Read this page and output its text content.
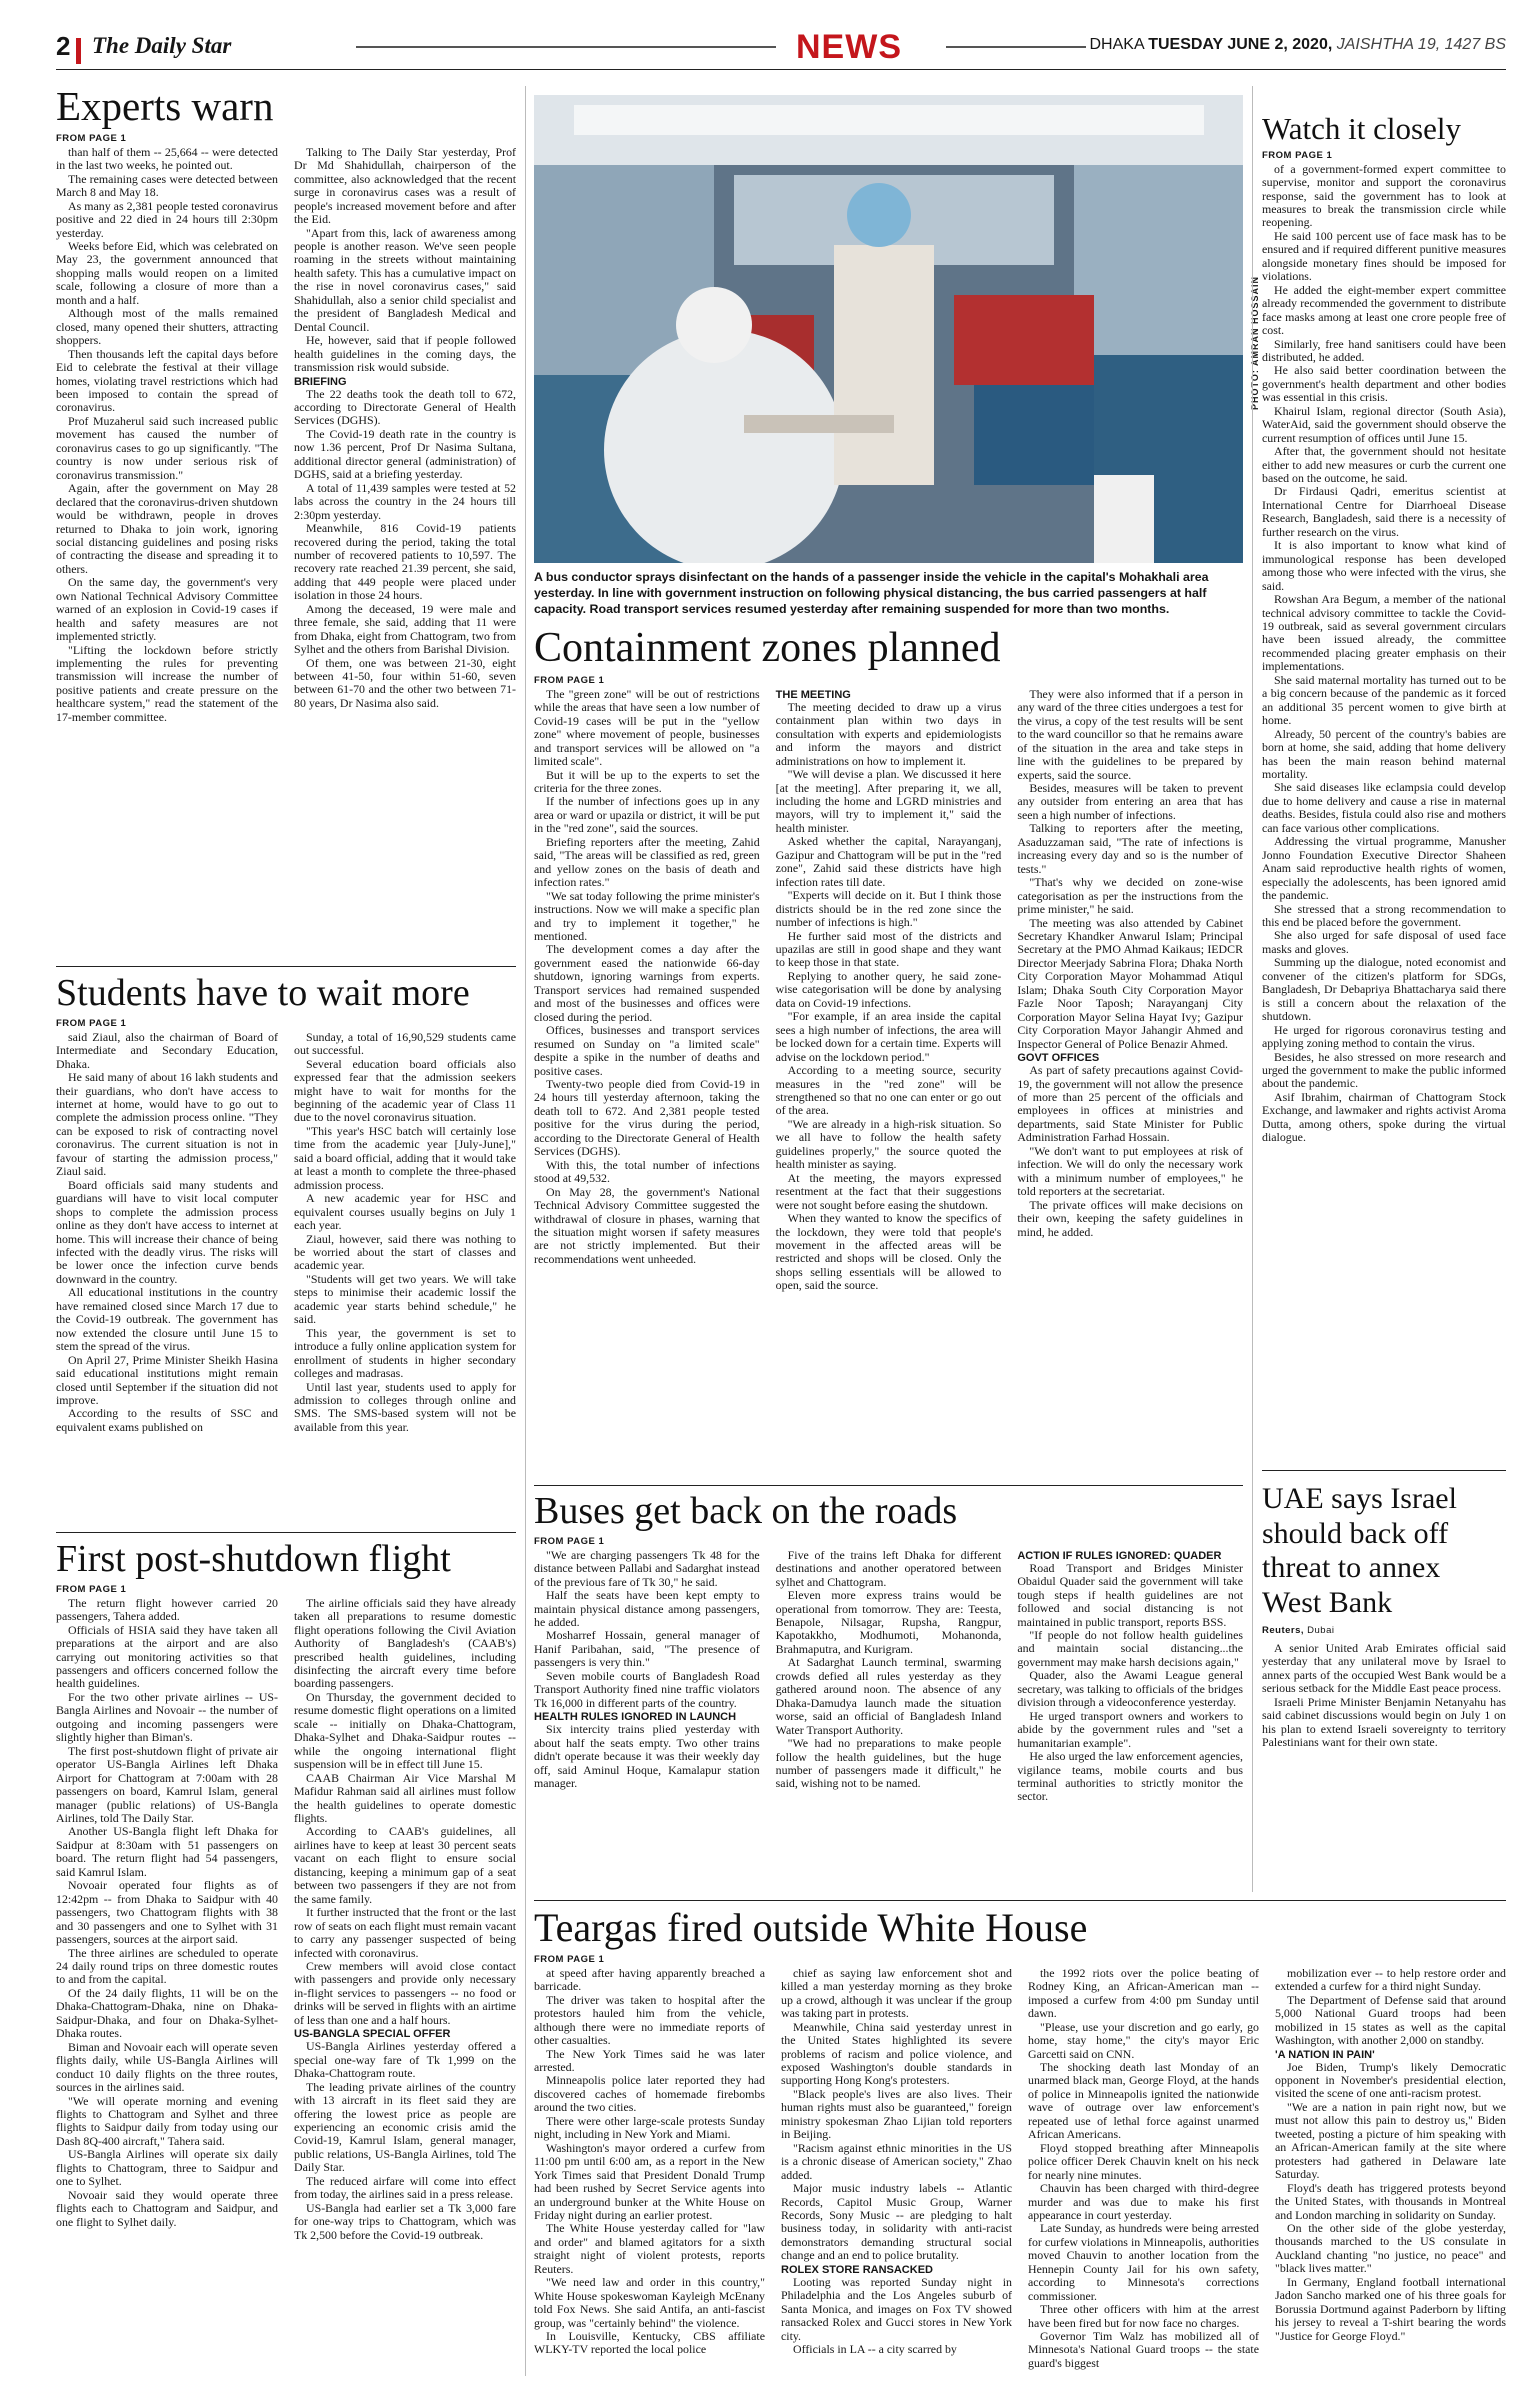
2 The Daily Star	NEWS	DHAKA TUESDAY JUNE 2, 2020, JAISHTHA 19, 1427 BS
Experts warn
FROM PAGE 1

than half of them -- 25,664 -- were detected in the last two weeks, he pointed out.

The remaining cases were detected between March 8 and May 18.

As many as 2,381 people tested coronavirus positive and 22 died in 24 hours till 2:30pm yesterday.

Weeks before Eid, which was celebrated on May 23, the government announced that shopping malls would reopen on a limited scale, following a closure of more than a month and a half.

Although most of the malls remained closed, many opened their shutters, attracting shoppers.

Then thousands left the capital days before Eid to celebrate the festival at their village homes, violating travel restrictions which had been imposed to contain the spread of coronavirus.

Prof Muzaherul said such increased public movement has caused the number of coronavirus cases to go up significantly. "The country is now under serious risk of coronavirus transmission."

Again, after the government on May 28 declared that the coronavirus-driven shutdown would be withdrawn, people in droves returned to Dhaka to join work, ignoring social distancing guidelines and posing risks of contracting the disease and spreading it to others.

On the same day, the government's very own National Technical Advisory Committee warned of an explosion in Covid-19 cases if health and safety measures are not implemented strictly.

"Lifting the lockdown before strictly implementing the rules for preventing transmission will increase the number of positive patients and create pressure on the healthcare system," read the statement of the 17-member committee.

Talking to The Daily Star yesterday, Prof Dr Md Shahidullah, chairperson of the committee, also acknowledged that the recent surge in coronavirus cases was a result of people's increased movement before and after the Eid.

"Apart from this, lack of awareness among people is another reason. We've seen people roaming in the streets without maintaining health safety. This has a cumulative impact on the rise in novel coronavirus cases," said Shahidullah, also a senior child specialist and the president of Bangladesh Medical and Dental Council.

He, however, said that if people followed health guidelines in the coming days, the transmission risk would subside.

BRIEFING

The 22 deaths took the death toll to 672, according to Directorate General of Health Services (DGHS).

The Covid-19 death rate in the country is now 1.36 percent, Prof Dr Nasima Sultana, additional director general (administration) of DGHS, said at a briefing yesterday.

A total of 11,439 samples were tested at 52 labs across the country in the 24 hours till 2:30pm yesterday.

Meanwhile, 816 Covid-19 patients recovered during the period, taking the total number of recovered patients to 10,597. The recovery rate reached 21.39 percent, she said, adding that 449 people were placed under isolation in those 24 hours.

Among the deceased, 19 were male and three female, she said, adding that 11 were from Dhaka, eight from Chattogram, two from Sylhet and the others from Barishal Division.

Of them, one was between 21-30, eight between 41-50, four within 51-60, seven between 61-70 and the other two between 71-80 years, Dr Nasima also said.

Students have to wait more
FROM PAGE 1

said Ziaul, also the chairman of Board of Intermediate and Secondary Education, Dhaka.

He said many of about 16 lakh students and their guardians, who don't have access to internet at home, would have to go out to complete the admission process online. "They can be exposed to risk of contracting novel coronavirus. The current situation is not in favour of starting the admission process," Ziaul said.

Board officials said many students and guardians will have to visit local computer shops to complete the admission process online as they don't have access to internet at home. This will increase their chance of being infected with the deadly virus. The risks will be lower once the infection curve bends downward in the country.

All educational institutions in the country have remained closed since March 17 due to the Covid-19 outbreak. The government has now extended the closure until June 15 to stem the spread of the virus.

On April 27, Prime Minister Sheikh Hasina said educational institutions might remain closed until September if the situation did not improve.

According to the results of SSC and equivalent exams published on

Sunday, a total of 16,90,529 students came out successful.

Several education board officials also expressed fear that the admission seekers might have to wait for months for the beginning of the academic year of Class 11 due to the novel coronavirus situation.

"This year's HSC batch will certainly lose time from the academic year [July-June]," said a board official, adding that it would take at least a month to complete the three-phased admission process.

A new academic year for HSC and equivalent courses usually begins on July 1 each year.

Ziaul, however, said there was nothing to be worried about the start of classes and academic year.

"Students will get two years. We will take steps to minimise their academic lossif the academic year starts behind schedule," he said.

This year, the government is set to introduce a fully online application system for enrollment of students in higher secondary colleges and madrasas.

Until last year, students used to apply for admission to colleges through online and SMS. The SMS-based system will not be available from this year.

First post-shutdown flight
FROM PAGE 1

The return flight however carried 20 passengers, Tahera added.

Officials of HSIA said they have taken all preparations at the airport and are also carrying out monitoring activities so that passengers and officers concerned follow the health guidelines.

For the two other private airlines -- US-Bangla Airlines and Novoair -- the number of outgoing and incoming passengers were slightly higher than Biman's.

The first post-shutdown flight of private air operator US-Bangla Airlines left Dhaka Airport for Chattogram at 7:00am with 28 passengers on board, Kamrul Islam, general manager (public relations) of US-Bangla Airlines, told The Daily Star.

Another US-Bangla flight left Dhaka for Saidpur at 8:30am with 51 passengers on board. The return flight had 54 passengers, said Kamrul Islam.

Novoair operated four flights as of 12:42pm -- from Dhaka to Saidpur with 40 passengers, two Chattogram flights with 38 and 30 passengers and one to Sylhet with 31 passengers, sources at the airport said.

The three airlines are scheduled to operate 24 daily round trips on three domestic routes to and from the capital.

Of the 24 daily flights, 11 will be on the Dhaka-Chattogram-Dhaka, nine on Dhaka-Saidpur-Dhaka, and four on Dhaka-Sylhet-Dhaka routes.

Biman and Novoair each will operate seven flights daily, while US-Bangla Airlines will conduct 10 daily flights on the three routes, sources in the airlines said.

"We will operate morning and evening flights to Chattogram and Sylhet and three flights to Saidpur daily from today using our Dash 8Q-400 aircraft," Tahera said.

US-Bangla Airlines will operate six daily flights to Chattogram, three to Saidpur and one to Sylhet.

Novoair said they would operate three flights each to Chattogram and Saidpur, and one flight to Sylhet daily.

The airline officials said they have already taken all preparations to resume domestic flight operations following the Civil Aviation Authority of Bangladesh's (CAAB's) prescribed health guidelines, including disinfecting the aircraft every time before boarding passengers.

On Thursday, the government decided to resume domestic flight operations on a limited scale -- initially on Dhaka-Chattogram, Dhaka-Sylhet and Dhaka-Saidpur routes -- while the ongoing international flight suspension will be in effect till June 15.

CAAB Chairman Air Vice Marshal M Mafidur Rahman said all airlines must follow the health guidelines to operate domestic flights.

According to CAAB's guidelines, all airlines have to keep at least 30 percent seats vacant on each flight to ensure social distancing, keeping a minimum gap of a seat between two passengers if they are not from the same family.

It further instructed that the front or the last row of seats on each flight must remain vacant to carry any passenger suspected of being infected with coronavirus.

Crew members will avoid close contact with passengers and provide only necessary in-flight services to passengers -- no food or drinks will be served in flights with an airtime of less than one and a half hours.

US-BANGLA SPECIAL OFFER

US-Bangla Airlines yesterday offered a special one-way fare of Tk 1,999 on the Dhaka-Chattogram route.

The leading private airlines of the country with 13 aircraft in its fleet said they are offering the lowest price as people are experiencing an economic crisis amid the Covid-19, Kamrul Islam, general manager, public relations, US-Bangla Airlines, told The Daily Star.

The reduced airfare will come into effect from today, the airlines said in a press release.

US-Bangla had earlier set a Tk 3,000 fare for one-way trips to Chattogram, which was Tk 2,500 before the Covid-19 outbreak.

PHOTO: AMRAN HOSSAIN
A bus conductor sprays disinfectant on the hands of a passenger inside the vehicle in the capital's Mohakhali area yesterday. In line with government instruction on following physical distancing, the bus carried passengers at half capacity. Road transport services resumed yesterday after remaining suspended for more than two months.
Containment zones planned
FROM PAGE 1

The "green zone" will be out of restrictions while the areas that have seen a low number of Covid-19 cases will be put in the "yellow zone" where movement of people, businesses and transport services will be allowed on "a limited scale".

But it will be up to the experts to set the criteria for the three zones.

If the number of infections goes up in any area or ward or upazila or district, it will be put in the "red zone", said the sources.

Briefing reporters after the meeting, Zahid said, "The areas will be classified as red, green and yellow zones on the basis of death and infection rates."

"We sat today following the prime minister's instructions. Now we will make a specific plan and try to implement it together," he mentioned.

The development comes a day after the government eased the nationwide 66-day shutdown, ignoring warnings from experts. Transport services had remained suspended and most of the businesses and offices were closed during the period.

Offices, businesses and transport services resumed on Sunday on "a limited scale" despite a spike in the number of deaths and positive cases.

Twenty-two people died from Covid-19 in 24 hours till yesterday afternoon, taking the death toll to 672. And 2,381 people tested positive for the virus during the period, according to the Directorate General of Health Services (DGHS).

With this, the total number of infections stood at 49,532.

On May 28, the government's National Technical Advisory Committee suggested the withdrawal of closure in phases, warning that the situation might worsen if safety measures are not strictly implemented. But their recommendations went unheeded.

THE MEETING

The meeting decided to draw up a virus containment plan within two days in consultation with experts and epidemiologists and inform the mayors and district administrations on how to implement it.

"We will devise a plan. We discussed it here [at the meeting]. After preparing it, we all, including the home and LGRD ministries and mayors, will try to implement it," said the health minister.

Asked whether the capital, Narayanganj, Gazipur and Chattogram will be put in the "red zone", Zahid said these districts have high infection rates till date.

"Experts will decide on it. But I think those districts should be in the red zone since the number of infections is high."

He further said most of the districts and upazilas are still in good shape and they want to keep those in that state.

Replying to another query, he said zone-wise categorisation will be done by analysing data on Covid-19 infections.

"For example, if an area inside the capital sees a high number of infections, the area will be locked down for a certain time. Experts will advise on the lockdown period."

According to a meeting source, security measures in the "red zone" will be strengthened so that no one can enter or go out of the area.

"We are already in a high-risk situation. So we all have to follow the health safety guidelines properly," the source quoted the health minister as saying.

At the meeting, the mayors expressed resentment at the fact that their suggestions were not sought before easing the shutdown.

When they wanted to know the specifics of the lockdown, they were told that people's movement in the affected areas will be restricted and shops will be closed. Only the shops selling essentials will be allowed to open, said the source.

They were also informed that if a person in any ward of the three cities undergoes a test for the virus, a copy of the test results will be sent to the ward councillor so that he remains aware of the situation in the area and take steps in line with the guidelines to be prepared by experts, said the source.

Besides, measures will be taken to prevent any outsider from entering an area that has seen a high number of infections.

Talking to reporters after the meeting, Asaduzzaman said, "The rate of infections is increasing every day and so is the number of tests."

"That's why we decided on zone-wise categorisation as per the instructions from the prime minister," he said.

The meeting was also attended by Cabinet Secretary Khandker Anwarul Islam; Principal Secretary at the PMO Ahmad Kaikaus; IEDCR Director Meerjady Sabrina Flora; Dhaka North City Corporation Mayor Mohammad Atiqul Islam; Dhaka South City Corporation Mayor Fazle Noor Taposh; Narayanganj City Corporation Mayor Selina Hayat Ivy; Gazipur City Corporation Mayor Jahangir Ahmed and Inspector General of Police Benazir Ahmed.

GOVT OFFICES

As part of safety precautions against Covid-19, the government will not allow the presence of more than 25 percent of the officials and employees in offices at ministries and departments, said State Minister for Public Administration Farhad Hossain.

"We don't want to put employees at risk of infection. We will do only the necessary work with a minimum number of employees," he told reporters at the secretariat.

The private offices will make decisions on their own, keeping the safety guidelines in mind, he added.

Buses get back on the roads
FROM PAGE 1

"We are charging passengers Tk 48 for the distance between Pallabi and Sadarghat instead of the previous fare of Tk 30," he said.

Half the seats have been kept empty to maintain physical distance among passengers, he added.

Mosharref Hossain, general manager of Hanif Paribahan, said, "The presence of passengers is very thin."

Seven mobile courts of Bangladesh Road Transport Authority fined nine traffic violators Tk 16,000 in different parts of the country.

HEALTH RULES IGNORED IN LAUNCH

Six intercity trains plied yesterday with about half the seats empty. Two other trains didn't operate because it was their weekly day off, said Aminul Hoque, Kamalapur station manager.

Five of the trains left Dhaka for different destinations and another operatored between sylhet and Chattogram.

Eleven more express trains would be operational from tomorrow. They are: Teesta, Benapole, Nilsagar, Rupsha, Rangpur, Kapotakkho, Modhumoti, Mohanonda, Brahmaputra, and Kurigram.

At Sadarghat Launch terminal, swarming crowds defied all rules yesterday as they gathered around noon. The absence of any Dhaka-Damudya launch made the situation worse, said an official of Bangladesh Inland Water Transport Authority.

"We had no preparations to make people follow the health guidelines, but the huge number of passengers made it difficult," he said, wishing not to be named.

ACTION IF RULES IGNORED: QUADER

Road Transport and Bridges Minister Obaidul Quader said the government will take tough steps if health guidelines are not followed and social distancing is not maintained in public transport, reports BSS.

"If people do not follow health guidelines and maintain social distancing...the government may make harsh decisions again,"

Quader, also the Awami League general secretary, was talking to officials of the bridges division through a videoconference yesterday.

He urged transport owners and workers to abide by the government rules and "set a humanitarian example".

He also urged the law enforcement agencies, vigilance teams, mobile courts and bus terminal authorities to strictly monitor the sector.

Teargas fired outside White House
FROM PAGE 1

at speed after having apparently breached a barricade.

The driver was taken to hospital after the protestors hauled him from the vehicle, although there were no immediate reports of other casualties.

The New York Times said he was later arrested.

Minneapolis police later reported they had discovered caches of homemade firebombs around the two cities.

There were other large-scale protests Sunday night, including in New York and Miami.

Washington's mayor ordered a curfew from 11:00 pm until 6:00 am, as a report in the New York Times said that President Donald Trump had been rushed by Secret Service agents into an underground bunker at the White House on Friday night during an earlier protest.

The White House yesterday called for "law and order" and blamed agitators for a sixth straight night of violent protests, reports Reuters.

"We need law and order in this country," White House spokeswoman Kayleigh McEnany told Fox News. She said Antifa, an anti-fascist group, was "certainly behind" the violence.

In Louisville, Kentucky, CBS affiliate WLKY-TV reported the local police

chief as saying law enforcement shot and killed a man yesterday morning as they broke up a crowd, although it was unclear if the group was taking part in protests.

Meanwhile, China said yesterday unrest in the United States highlighted its severe problems of racism and police violence, and exposed Washington's double standards in supporting Hong Kong's protesters.

"Black people's lives are also lives. Their human rights must also be guaranteed," foreign ministry spokesman Zhao Lijian told reporters in Beijing.

"Racism against ethnic minorities in the US is a chronic disease of American society," Zhao added.

Major music industry labels -- Atlantic Records, Capitol Music Group, Warner Records, Sony Music -- are pledging to halt business today, in solidarity with anti-racist demonstrators demanding structural social change and an end to police brutality.

ROLEX STORE RANSACKED

Looting was reported Sunday night in Philadelphia and the Los Angeles suburb of Santa Monica, and images on Fox TV showed ransacked Rolex and Gucci stores in New York city.

Officials in LA -- a city scarred by

the 1992 riots over the police beating of Rodney King, an African-American man -- imposed a curfew from 4:00 pm Sunday until dawn.

"Please, use your discretion and go early, go home, stay home," the city's mayor Eric Garcetti said on CNN.

The shocking death last Monday of an unarmed black man, George Floyd, at the hands of police in Minneapolis ignited the nationwide wave of outrage over law enforcement's repeated use of lethal force against unarmed African Americans.

Floyd stopped breathing after Minneapolis police officer Derek Chauvin knelt on his neck for nearly nine minutes.

Chauvin has been charged with third-degree murder and was due to make his first appearance in court yesterday.

Late Sunday, as hundreds were being arrested for curfew violations in Minneapolis, authorities moved Chauvin to another location from the Hennepin County Jail for his own safety, according to Minnesota's corrections commissioner.

Three other officers with him at the arrest have been fired but for now face no charges.

Governor Tim Walz has mobilized all of Minnesota's National Guard troops -- the state guard's biggest

mobilization ever -- to help restore order and extended a curfew for a third night Sunday.

The Department of Defense said that around 5,000 National Guard troops had been mobilized in 15 states as well as the capital Washington, with another 2,000 on standby.

'A NATION IN PAIN'

Joe Biden, Trump's likely Democratic opponent in November's presidential election, visited the scene of one anti-racism protest.

"We are a nation in pain right now, but we must not allow this pain to destroy us," Biden tweeted, posting a picture of him speaking with an African-American family at the site where protesters had gathered in Delaware late Saturday.

Floyd's death has triggered protests beyond the United States, with thousands in Montreal and London marching in solidarity on Sunday.

On the other side of the globe yesterday, thousands marched to the US consulate in Auckland chanting "no justice, no peace" and "black lives matter."

In Germany, England football international Jadon Sancho marked one of his three goals for Borussia Dortmund against Paderborn by lifting his jersey to reveal a T-shirt bearing the words "Justice for George Floyd."

Watch it closely
FROM PAGE 1

of a government-formed expert committee to supervise, monitor and support the coronavirus response, said the government has to look at measures to break the transmission circle while reopening.

He said 100 percent use of face mask has to be ensured and if required different punitive measures alongside monetary fines should be imposed for violations.

He added the eight-member expert committee already recommended the government to distribute face masks among at least one crore people free of cost.

Similarly, free hand sanitisers could have been distributed, he added.

He also said better coordination between the government's health department and other bodies was essential in this crisis.

Khairul Islam, regional director (South Asia), WaterAid, said the government should observe the current resumption of offices until June 15.

After that, the government should not hesitate either to add new measures or curb the current one based on the outcome, he said.

Dr Firdausi Qadri, emeritus scientist at International Centre for Diarrhoeal Disease Research, Bangladesh, said there is a necessity of further research on the virus.

It is also important to know what kind of immunological response has been developed among those who were infected with the virus, she said.

Rowshan Ara Begum, a member of the national technical advisory committee to tackle the Covid-19 outbreak, said as several government circulars have been issued already, the committee recommended placing greater emphasis on their implementations.

She said maternal mortality has turned out to be a big concern because of the pandemic as it forced an additional 35 percent women to give birth at home.

Already, 50 percent of the country's babies are born at home, she said, adding that home delivery has been the main reason behind maternal mortality.

She said diseases like eclampsia could develop due to home delivery and cause a rise in maternal deaths. Besides, fistula could also rise and mothers can face various other complications.

Addressing the virtual programme, Manusher Jonno Foundation Executive Director Shaheen Anam said reproductive health rights of women, especially the adolescents, has been ignored amid the pandemic.

She stressed that a strong recommendation to this end be placed before the government.

She also urged for safe disposal of used face masks and gloves.

Summing up the dialogue, noted economist and convener of the citizen's platform for SDGs, Bangladesh, Dr Debapriya Bhattacharya said there is still a concern about the relaxation of the shutdown.

He urged for rigorous coronavirus testing and applying zoning method to contain the virus.

Besides, he also stressed on more research and urged the government to make the public informed about the pandemic.

Asif Ibrahim, chairman of Chattogram Stock Exchange, and lawmaker and rights activist Aroma Dutta, among others, spoke during the virtual dialogue.

UAE says Israel should back off threat to annex West Bank
Reuters, Dubai

A senior United Arab Emirates official said yesterday that any unilateral move by Israel to annex parts of the occupied West Bank would be a serious setback for the Middle East peace process.

Israeli Prime Minister Benjamin Netanyahu has said cabinet discussions would begin on July 1 on his plan to extend Israeli sovereignty to territory Palestinians want for their own state.
